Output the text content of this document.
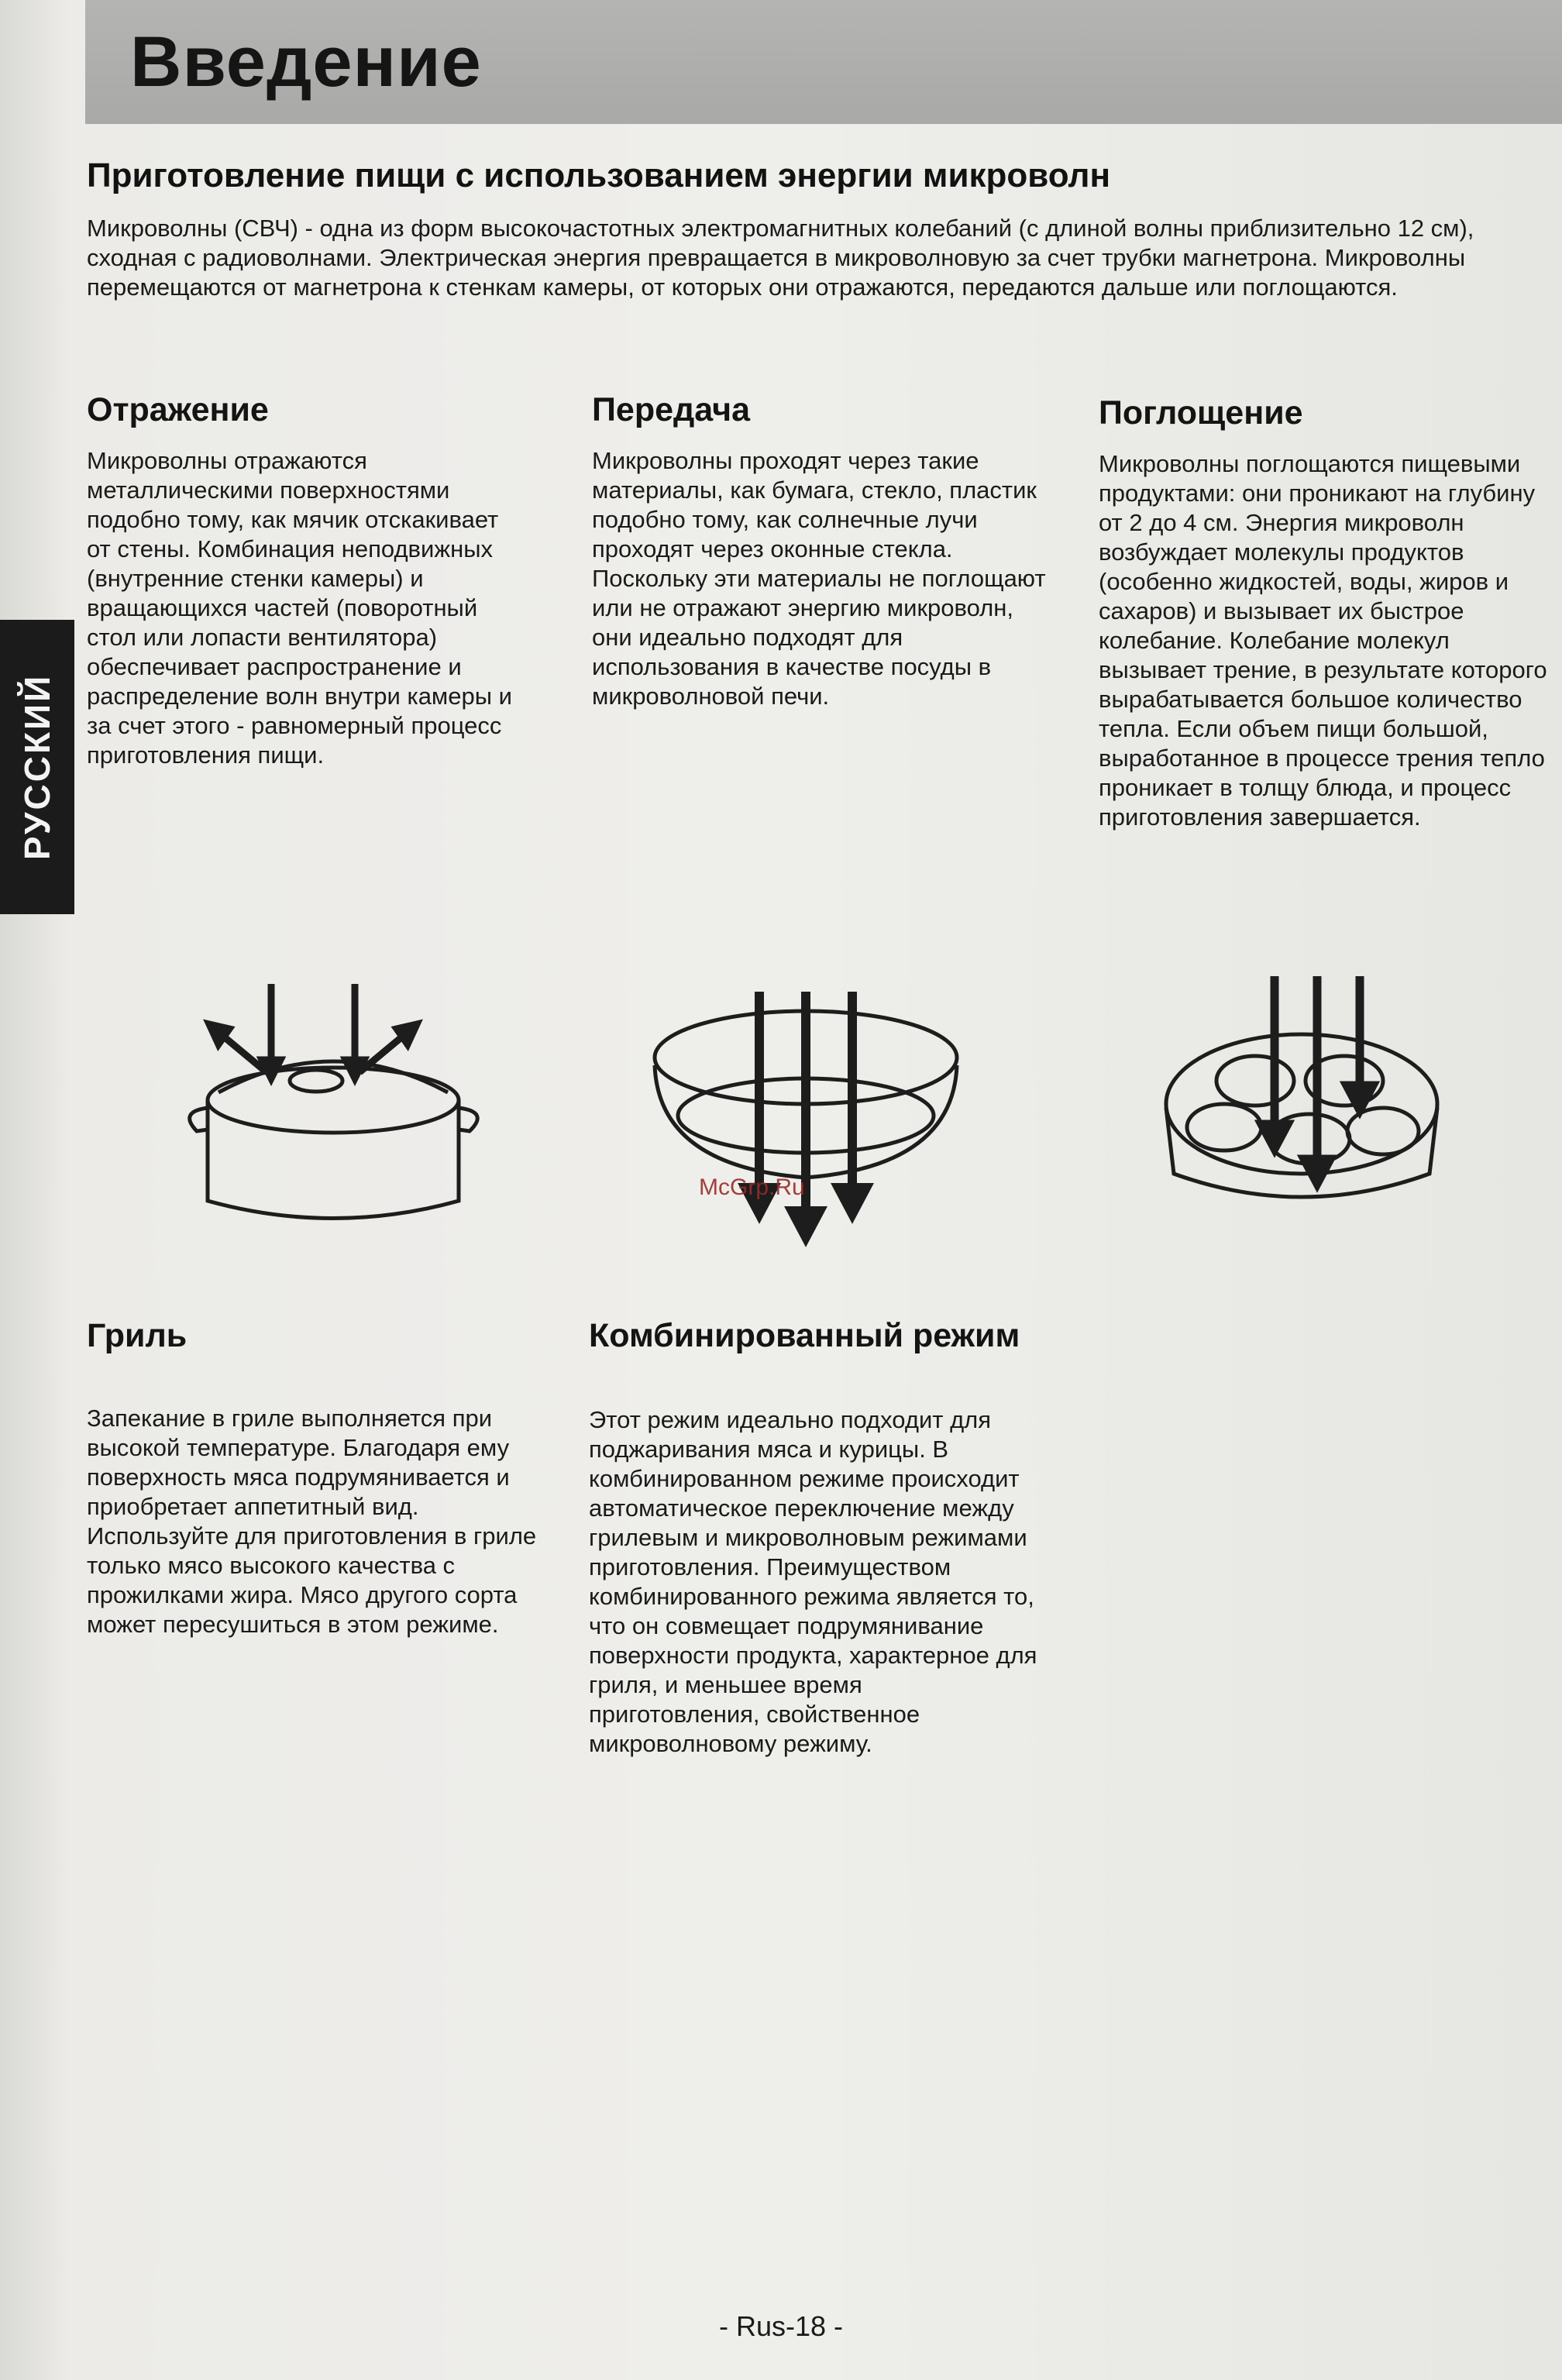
Введение
РУССКИЙ
Приготовление пищи с использованием энергии микроволн

Микроволны (СВЧ) - одна из форм высокочастотных электромагнитных колебаний (с длиной волны приблизительно 12 см), сходная с радиоволнами. Электрическая энергия превращается в микроволновую за счет трубки магнетрона. Микроволны перемещаются от магнетрона к стенкам камеры, от которых они отражаются, передаются дальше или поглощаются.

Отражение

Микроволны отражаются металлическими поверхностями подобно тому, как мячик отскакивает от стены. Комбинация неподвижных (внутренние стенки камеры) и вращающихся частей (поворотный стол или лопасти вентилятора) обеспечивает распространение и распределение волн внутри камеры и за счет этого - равномерный процесс приготовления пищи.

Передача

Микроволны проходят через такие материалы, как бумага, стекло, пластик подобно тому, как солнечные лучи проходят через оконные стекла. Поскольку эти материалы не поглощают или не отражают энергию микроволн, они идеально подходят для использования в качестве посуды в микроволновой печи.

Поглощение

Микроволны поглощаются пищевыми продуктами: они проникают на глубину от 2 до 4 см. Энергия микроволн возбуждает молекулы продуктов (особенно жидкостей, воды, жиров и сахаров) и вызывает их быстрое колебание. Колебание молекул вызывает трение, в результате которого вырабатывается большое количество тепла. Если объем пищи большой, выработанное в процессе трения тепло проникает в толщу блюда, и процесс приготовления завершается.

McGrp.Ru
Гриль

Запекание в гриле выполняется при высокой температуре. Благодаря ему поверхность мяса подрумянивается и приобретает аппетитный вид. Используйте для приготовления в гриле только мясо высокого качества с прожилками жира. Мясо другого сорта может пересушиться в этом режиме.

Комбинированный режим

Этот режим идеально подходит для поджаривания мяса и курицы. В комбинированном режиме происходит автоматическое переключение между грилевым и микроволновым режимами приготовления. Преимуществом комбинированного режима является то, что он совмещает подрумянивание поверхности продукта, характерное для гриля, и меньшее время приготовления, свойственное микроволновому режиму.

- Rus-18 -
